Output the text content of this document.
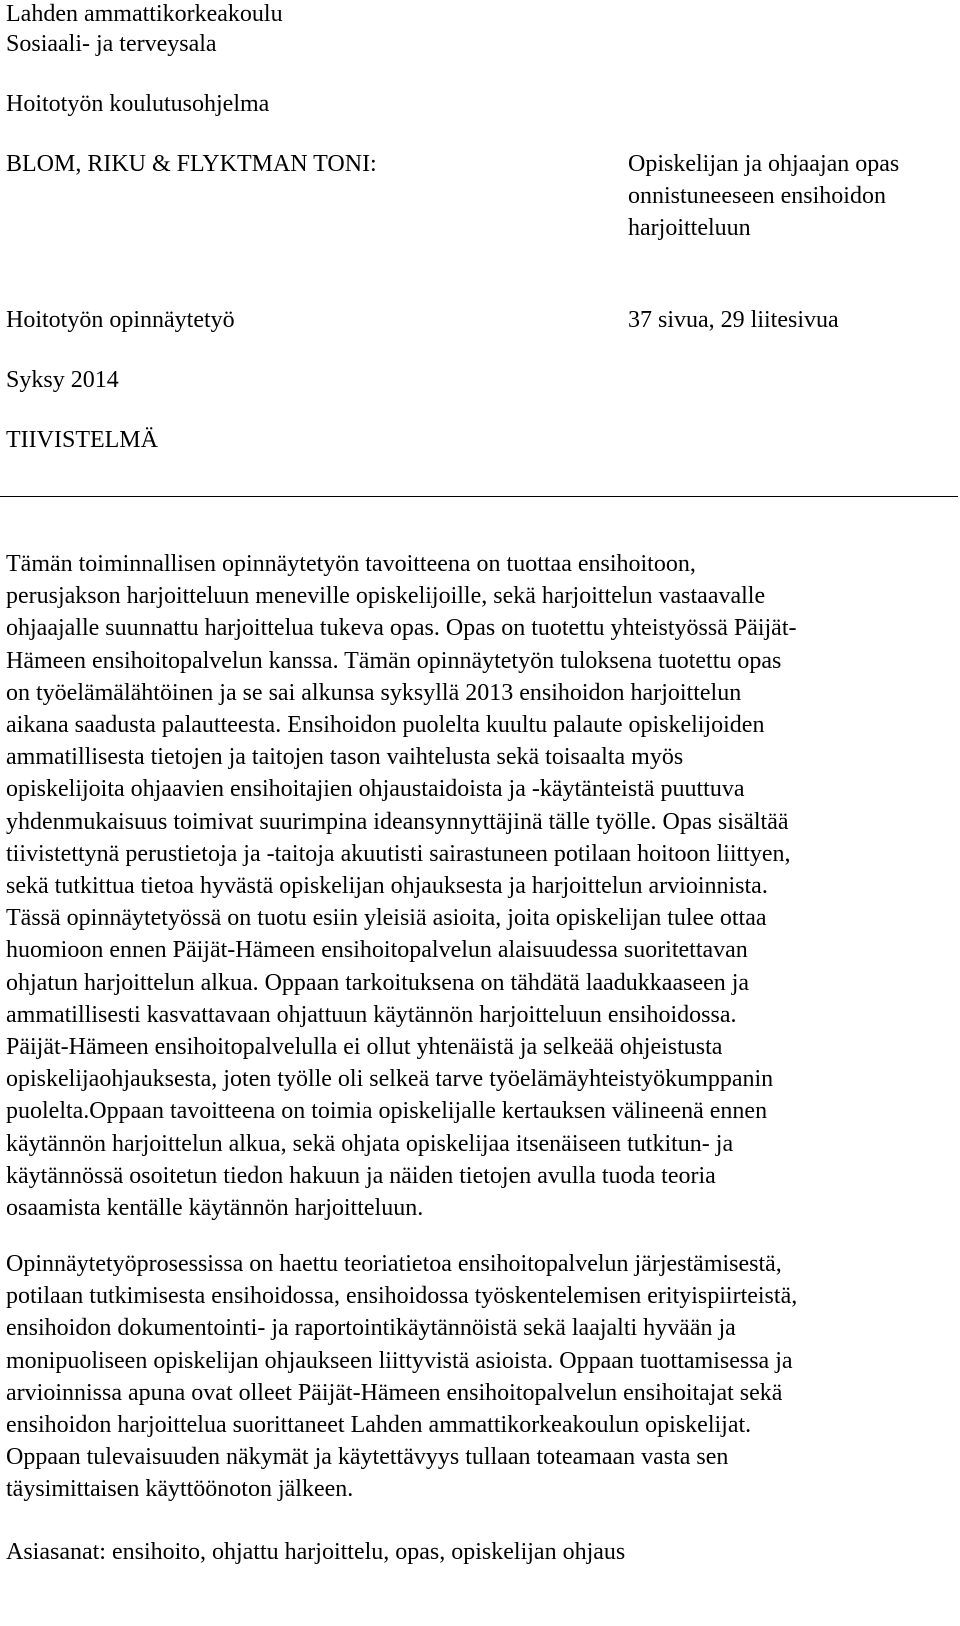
Lahden ammattikorkeakoulu
Sosiaali- ja terveysala
Hoitotyön koulutusohjelma
BLOM, RIKU & FLYKTMAN TONI:	Opiskelijan ja ohjaajan opas
onnistuneeseen ensihoidon
harjoitteluun
Hoitotyön opinnäytetyö	37 sivua, 29 liitesivua
Syksy 2014
TIIVISTELMÄ
Tämän toiminnallisen opinnäytetyön tavoitteena on tuottaa ensihoitoon,
perusjakson harjoitteluun meneville opiskelijoille, sekä harjoittelun vastaavalle
ohjaajalle suunnattu harjoittelua tukeva opas. Opas on tuotettu yhteistyössä Päijät-
Hämeen ensihoitopalvelun kanssa. Tämän opinnäytetyön tuloksena tuotettu opas
on työelämälähtöinen ja se sai alkunsa syksyllä 2013 ensihoidon harjoittelun
aikana saadusta palautteesta. Ensihoidon puolelta kuultu palaute opiskelijoiden
ammatillisesta tietojen ja taitojen tason vaihtelusta sekä toisaalta myös
opiskelijoita ohjaavien ensihoitajien ohjaustaidoista ja -käytänteistä puuttuva
yhdenmukaisuus toimivat suurimpina ideansynnyttäjinä tälle työlle. Opas sisältää
tiivistettynä perustietoja ja -taitoja akuutisti sairastuneen potilaan hoitoon liittyen,
sekä tutkittua tietoa hyvästä opiskelijan ohjauksesta ja harjoittelun arvioinnista.
Tässä opinnäytetyössä on tuotu esiin yleisiä asioita, joita opiskelijan tulee ottaa
huomioon ennen Päijät-Hämeen ensihoitopalvelun alaisuudessa suoritettavan
ohjatun harjoittelun alkua. Oppaan tarkoituksena on tähdätä laadukkaaseen ja
ammatillisesti kasvattavaan ohjattuun käytännön harjoitteluun ensihoidossa.
Päijät-Hämeen ensihoitopalvelulla ei ollut yhtenäistä ja selkeää ohjeistusta
opiskelijaohjauksesta, joten työlle oli selkeä tarve työelämäyhteistyökumppanin
puolelta.Oppaan tavoitteena on toimia opiskelijalle kertauksen välineenä ennen
käytännön harjoittelun alkua, sekä ohjata opiskelijaa itsenäiseen tutkitun- ja
käytännössä osoitetun tiedon hakuun ja näiden tietojen avulla tuoda teoria
osaamista kentälle käytännön harjoitteluun.
Opinnäytetyöprosessissa on haettu teoriatietoa ensihoitopalvelun järjestämisestä,
potilaan tutkimisesta ensihoidossa, ensihoidossa työskentelemisen erityispiirteistä,
ensihoidon dokumentointi- ja raportointikäytännöistä sekä laajalti hyvään ja
monipuoliseen opiskelijan ohjaukseen liittyvistä asioista. Oppaan tuottamisessa ja
arvioinnissa apuna ovat olleet Päijät-Hämeen ensihoitopalvelun ensihoitajat sekä
ensihoidon harjoittelua suorittaneet Lahden ammattikorkeakoulun opiskelijat.
Oppaan tulevaisuuden näkymät ja käytettävyys tullaan toteamaan vasta sen
täysimittaisen käyttöönoton jälkeen.
Asiasanat: ensihoito, ohjattu harjoittelu, opas, opiskelijan ohjaus
